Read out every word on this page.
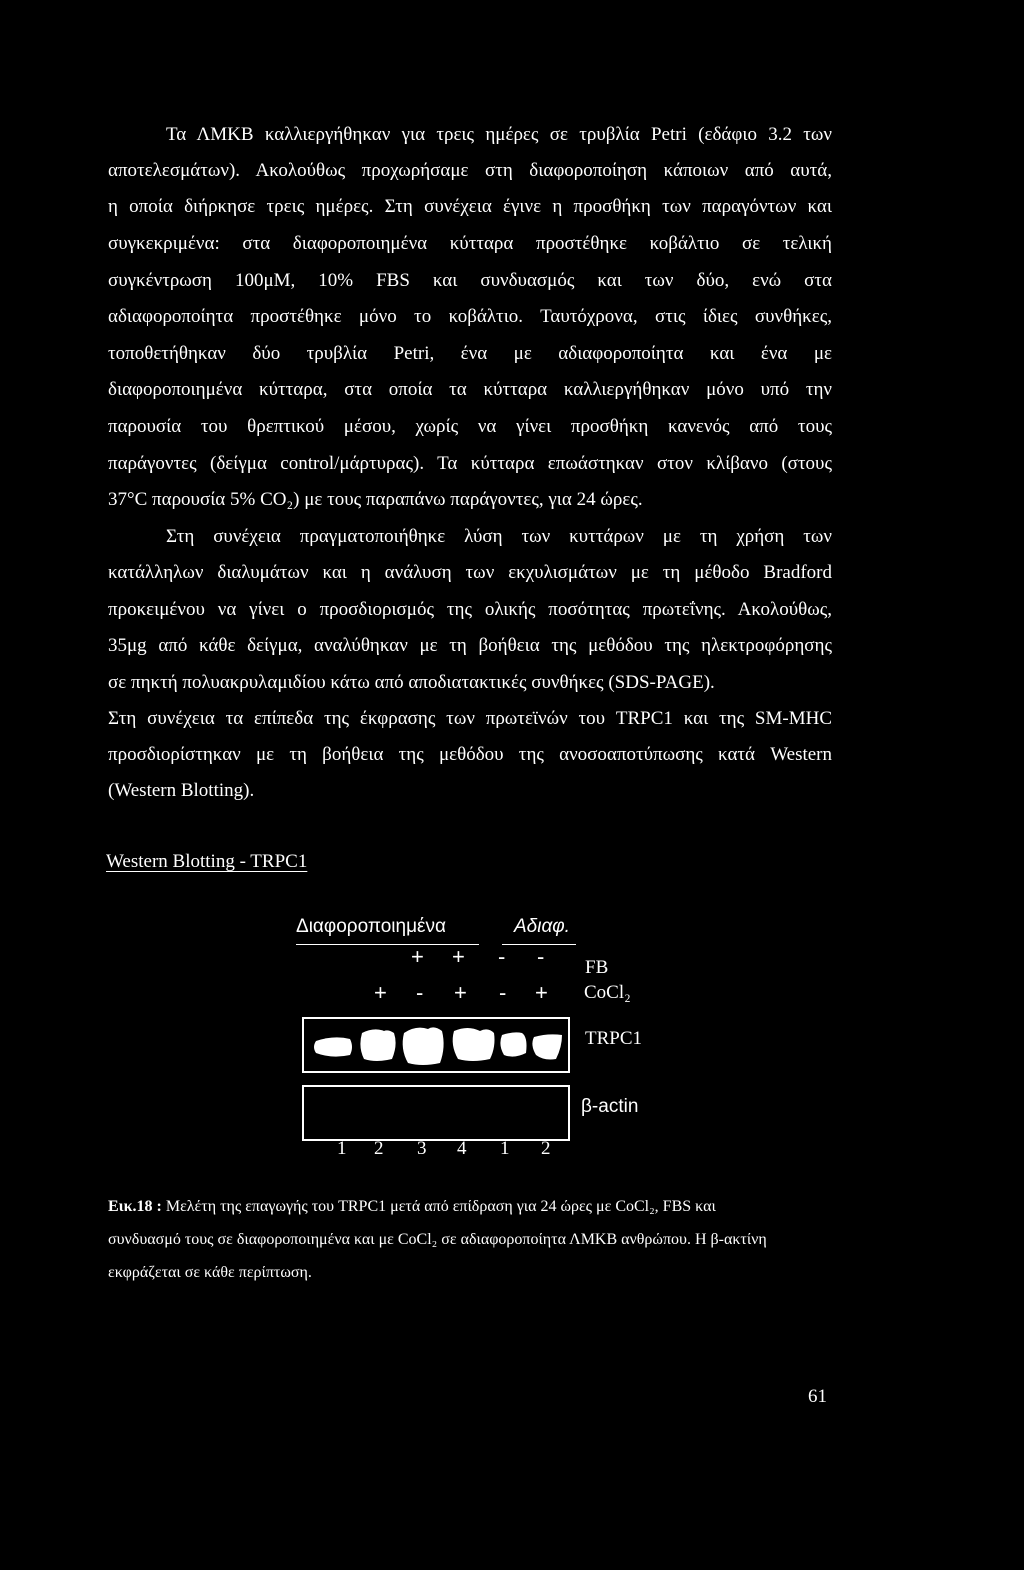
Τα ΛΜΚΒ καλλιεργήθηκαν για τρεις ημέρες σε τρυβλία Petri (εδάφιο 3.2 των
αποτελεσμάτων). Ακολούθως προχωρήσαμε στη διαφοροποίηση κάποιων από αυτά,
η οποία διήρκησε τρεις ημέρες. Στη συνέχεια έγινε η προσθήκη των παραγόντων και
συγκεκριμένα: στα διαφοροποιημένα κύτταρα προστέθηκε κοβάλτιο σε τελική
συγκέντρωση 100μΜ, 10% FBS και συνδυασμός και των δύο, ενώ στα
αδιαφοροποίητα προστέθηκε μόνο το κοβάλτιο. Ταυτόχρονα, στις ίδιες συνθήκες,
τοποθετήθηκαν δύο τρυβλία Petri, ένα με αδιαφοροποίητα και ένα με
διαφοροποιημένα κύτταρα, στα οποία τα κύτταρα καλλιεργήθηκαν μόνο υπό την
παρουσία του θρεπτικού μέσου, χωρίς να γίνει προσθήκη κανενός από τους
παράγοντες (δείγμα control/μάρτυρας). Τα κύτταρα επωάστηκαν στον κλίβανο (στους
37°C παρουσία 5% CO₂) με τους παραπάνω παράγοντες, για 24 ώρες.
Στη συνέχεια πραγματοποιήθηκε λύση των κυττάρων με τη χρήση των
κατάλληλων διαλυμάτων και η ανάλυση των εκχυλισμάτων με τη μέθοδο Bradford
προκειμένου να γίνει ο προσδιορισμός της ολικής ποσότητας πρωτεΐνης. Ακολούθως,
35μg από κάθε δείγμα, αναλύθηκαν με τη βοήθεια της μεθόδου της ηλεκτροφόρησης
σε πηκτή πολυακρυλαμιδίου κάτω από αποδιατακτικές συνθήκες (SDS-PAGE).
Στη συνέχεια τα επίπεδα της έκφρασης των πρωτεϊνών του TRPC1 και της SM-MHC
προσδιορίστηκαν με τη βοήθεια της μεθόδου της ανοσοαποτύπωσης κατά Western
(Western Blotting).
Western Blotting - TRPC1
Διαφοροποιημένα	Αδιαφ.
+ + - - FB
+ - + - + CoCl₂
TRPC1
β-actin
1 2 3 4 1 2
Εικ.18 : Μελέτη της επαγωγής του TRPC1 μετά από επίδραση για 24 ώρες με CoCl₂, FBS και
συνδυασμό τους σε διαφοροποιημένα και με CoCl₂ σε αδιαφοροποίητα ΛΜΚΒ ανθρώπου. Η β-ακτίνη
εκφράζεται σε κάθε περίπτωση.
61
